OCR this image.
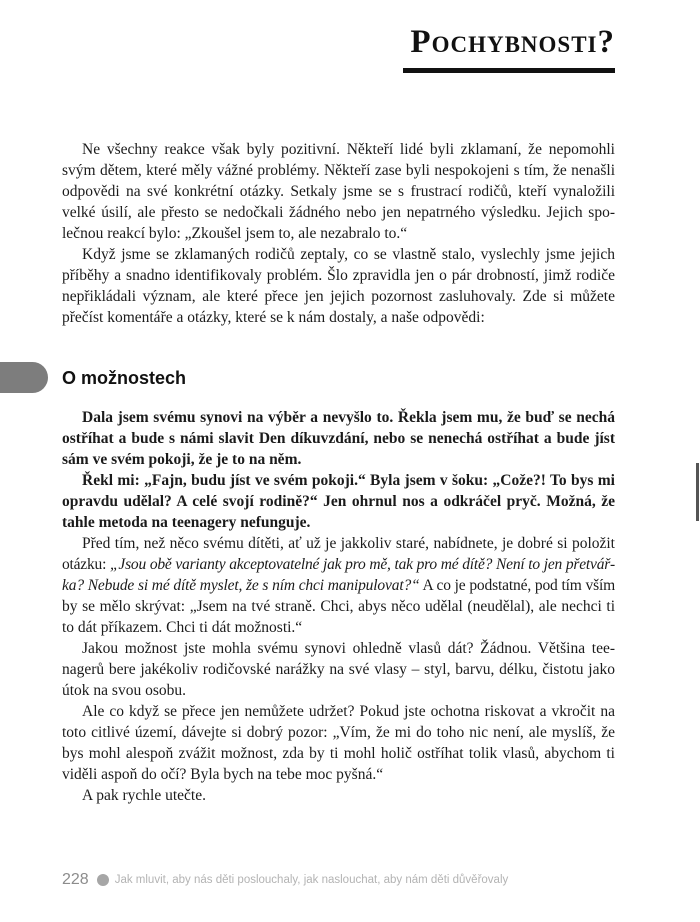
Pochybnosti?
Ne všechny reakce však byly pozitivní. Někteří lidé byli zklamaní, že nepomohli
svým dětem, které měly vážné problémy. Někteří zase byli nespokojeni s tím, že nenašli
odpovědi na své konkrétní otázky. Setkaly jsme se s frustrací rodičů, kteří vynaložili
velké úsilí, ale přesto se nedočkali žádného nebo jen nepatrného výsledku. Jejich spo-
lečnou reakcí bylo: „Zkoušel jsem to, ale nezabralo to.“
Když jsme se zklamaných rodičů zeptaly, co se vlastně stalo, vyslechly jsme jejich
příběhy a snadno identifikovaly problém. Šlo zpravidla jen o pár drobností, jimž rodiče
nepřikládali význam, ale které přece jen jejich pozornost zasluhovaly. Zde si můžete
přečíst komentáře a otázky, které se k nám dostaly, a naše odpovědi:
O možnostech
Dala jsem svému synovi na výběr a nevyšlo to. Řekla jsem mu, že buď se nechá
ostříhat a bude s námi slavit Den díkuvzdání, nebo se nenechá ostříhat a bude jíst
sám ve svém pokoji, že je to na něm.
Řekl mi: „Fajn, budu jíst ve svém pokoji.“ Byla jsem v šoku: „Cože?! To bys mi
opravdu udělal? A celé svojí rodině?“ Jen ohrnul nos a odkráčel pryč. Možná, že
tahle metoda na teenagery nefunguje.
Před tím, než něco svému dítěti, ať už je jakkoliv staré, nabídnete, je dobré si položit
otázku: „Jsou obě varianty akceptovatelné jak pro mě, tak pro mé dítě? Není to jen přetvář-
ka? Nebude si mé dítě myslet, že s ním chci manipulovat?“ A co je podstatné, pod tím vším
by se mělo skrývat: „Jsem na tvé straně. Chci, abys něco udělal (neudělal), ale nechci ti
to dát příkazem. Chci ti dát možnosti.“
Jakou možnost jste mohla svému synovi ohledně vlasů dát? Žádnou. Většina tee-
nagerů bere jakékoliv rodičovské narážky na své vlasy – styl, barvu, délku, čistotu jako
útok na svou osobu.
Ale co když se přece jen nemůžete udržet? Pokud jste ochotna riskovat a vkročit na
toto citlivé území, dávejte si dobrý pozor: „Vím, že mi do toho nic není, ale myslíš, že
bys mohl alespoň zvážit možnost, zda by ti mohl holič ostříhat tolik vlasů, abychom ti
viděli aspoň do očí? Byla bych na tebe moc pyšná.“
A pak rychle utečte.
228 Jak mluvit, aby nás děti poslouchaly, jak naslouchat, aby nám děti důvěřovaly
